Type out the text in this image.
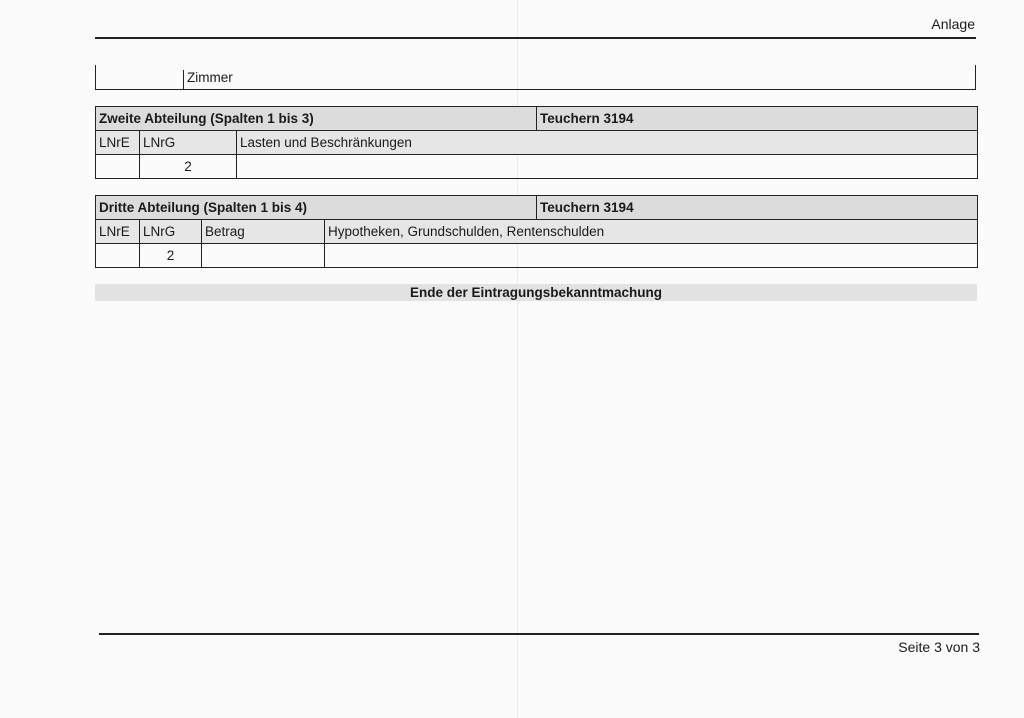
Anlage
Zimmer
Zweite Abteilung (Spalten 1 bis 3)			Teuchern 3194
LNrE	LNrG	Lasten und Beschränkungen	
	2		
Dritte Abteilung (Spalten 1 bis 4)				Teuchern 3194
LNrE	LNrG	Betrag	Hypotheken, Grundschulden, Rentenschulden	
	2			
Ende der Eintragungsbekanntmachung
Seite 3 von 3
